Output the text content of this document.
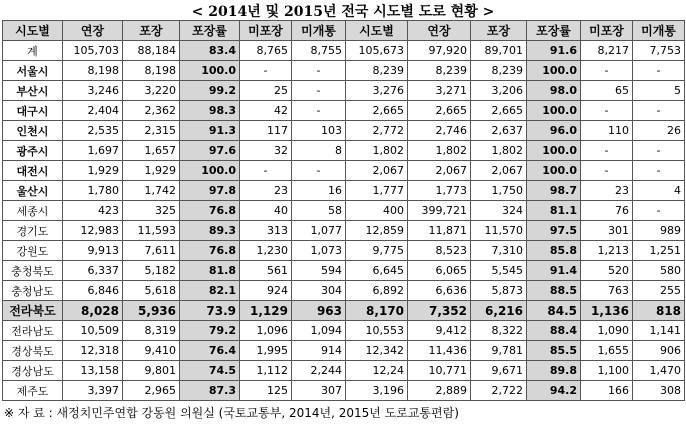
< 2014년 및 2015년 전국 시도별 도로 현황 >
시도별	연장	포장	포장률	미포장	미개통	시도별	연장	포장	포장률	미포장	미개통
계	105,703	88,184	83.4	8,765	8,755	105,673	97,920	89,701	91.6	8,217	7,753
서울시	8,198	8,198	100.0	-	-	8,239	8,239	8,239	100.0	-	-
부산시	3,246	3,220	99.2	25	-	3,276	3,271	3,206	98.0	65	5
대구시	2,404	2,362	98.3	42	-	2,665	2,665	2,665	100.0	-	-
인천시	2,535	2,315	91.3	117	103	2,772	2,746	2,637	96.0	110	26
광주시	1,697	1,657	97.6	32	8	1,802	1,802	1,802	100.0	-	-
대전시	1,929	1,929	100.0	-	-	2,067	2,067	2,067	100.0	-	-
울산시	1,780	1,742	97.8	23	16	1,777	1,773	1,750	98.7	23	4
세종시	423	325	76.8	40	58	400	399,721	324	81.1	76	-
경기도	12,983	11,593	89.3	313	1,077	12,859	11,871	11,570	97.5	301	989
강원도	9,913	7,611	76.8	1,230	1,073	9,775	8,523	7,310	85.8	1,213	1,251
충청북도	6,337	5,182	81.8	561	594	6,645	6,065	5,545	91.4	520	580
충청남도	6,846	5,618	82.1	924	304	6,892	6,636	5,873	88.5	763	255
전라북도	8,028	5,936	73.9	1,129	963	8,170	7,352	6,216	84.5	1,136	818
전라남도	10,509	8,319	79.2	1,096	1,094	10,553	9,412	8,322	88.4	1,090	1,141
경상북도	12,318	9,410	76.4	1,995	914	12,342	11,436	9,781	85.5	1,655	906
경상남도	13,158	9,801	74.5	1,112	2,244	12,24	10,771	9,671	89.8	1,100	1,470
제주도	3,397	2,965	87.3	125	307	3,196	2,889	2,722	94.2	166	308
※ 자 료 : 새정치민주연합 강동원 의원실 (국토교통부, 2014년, 2015년 도로교통편람)
